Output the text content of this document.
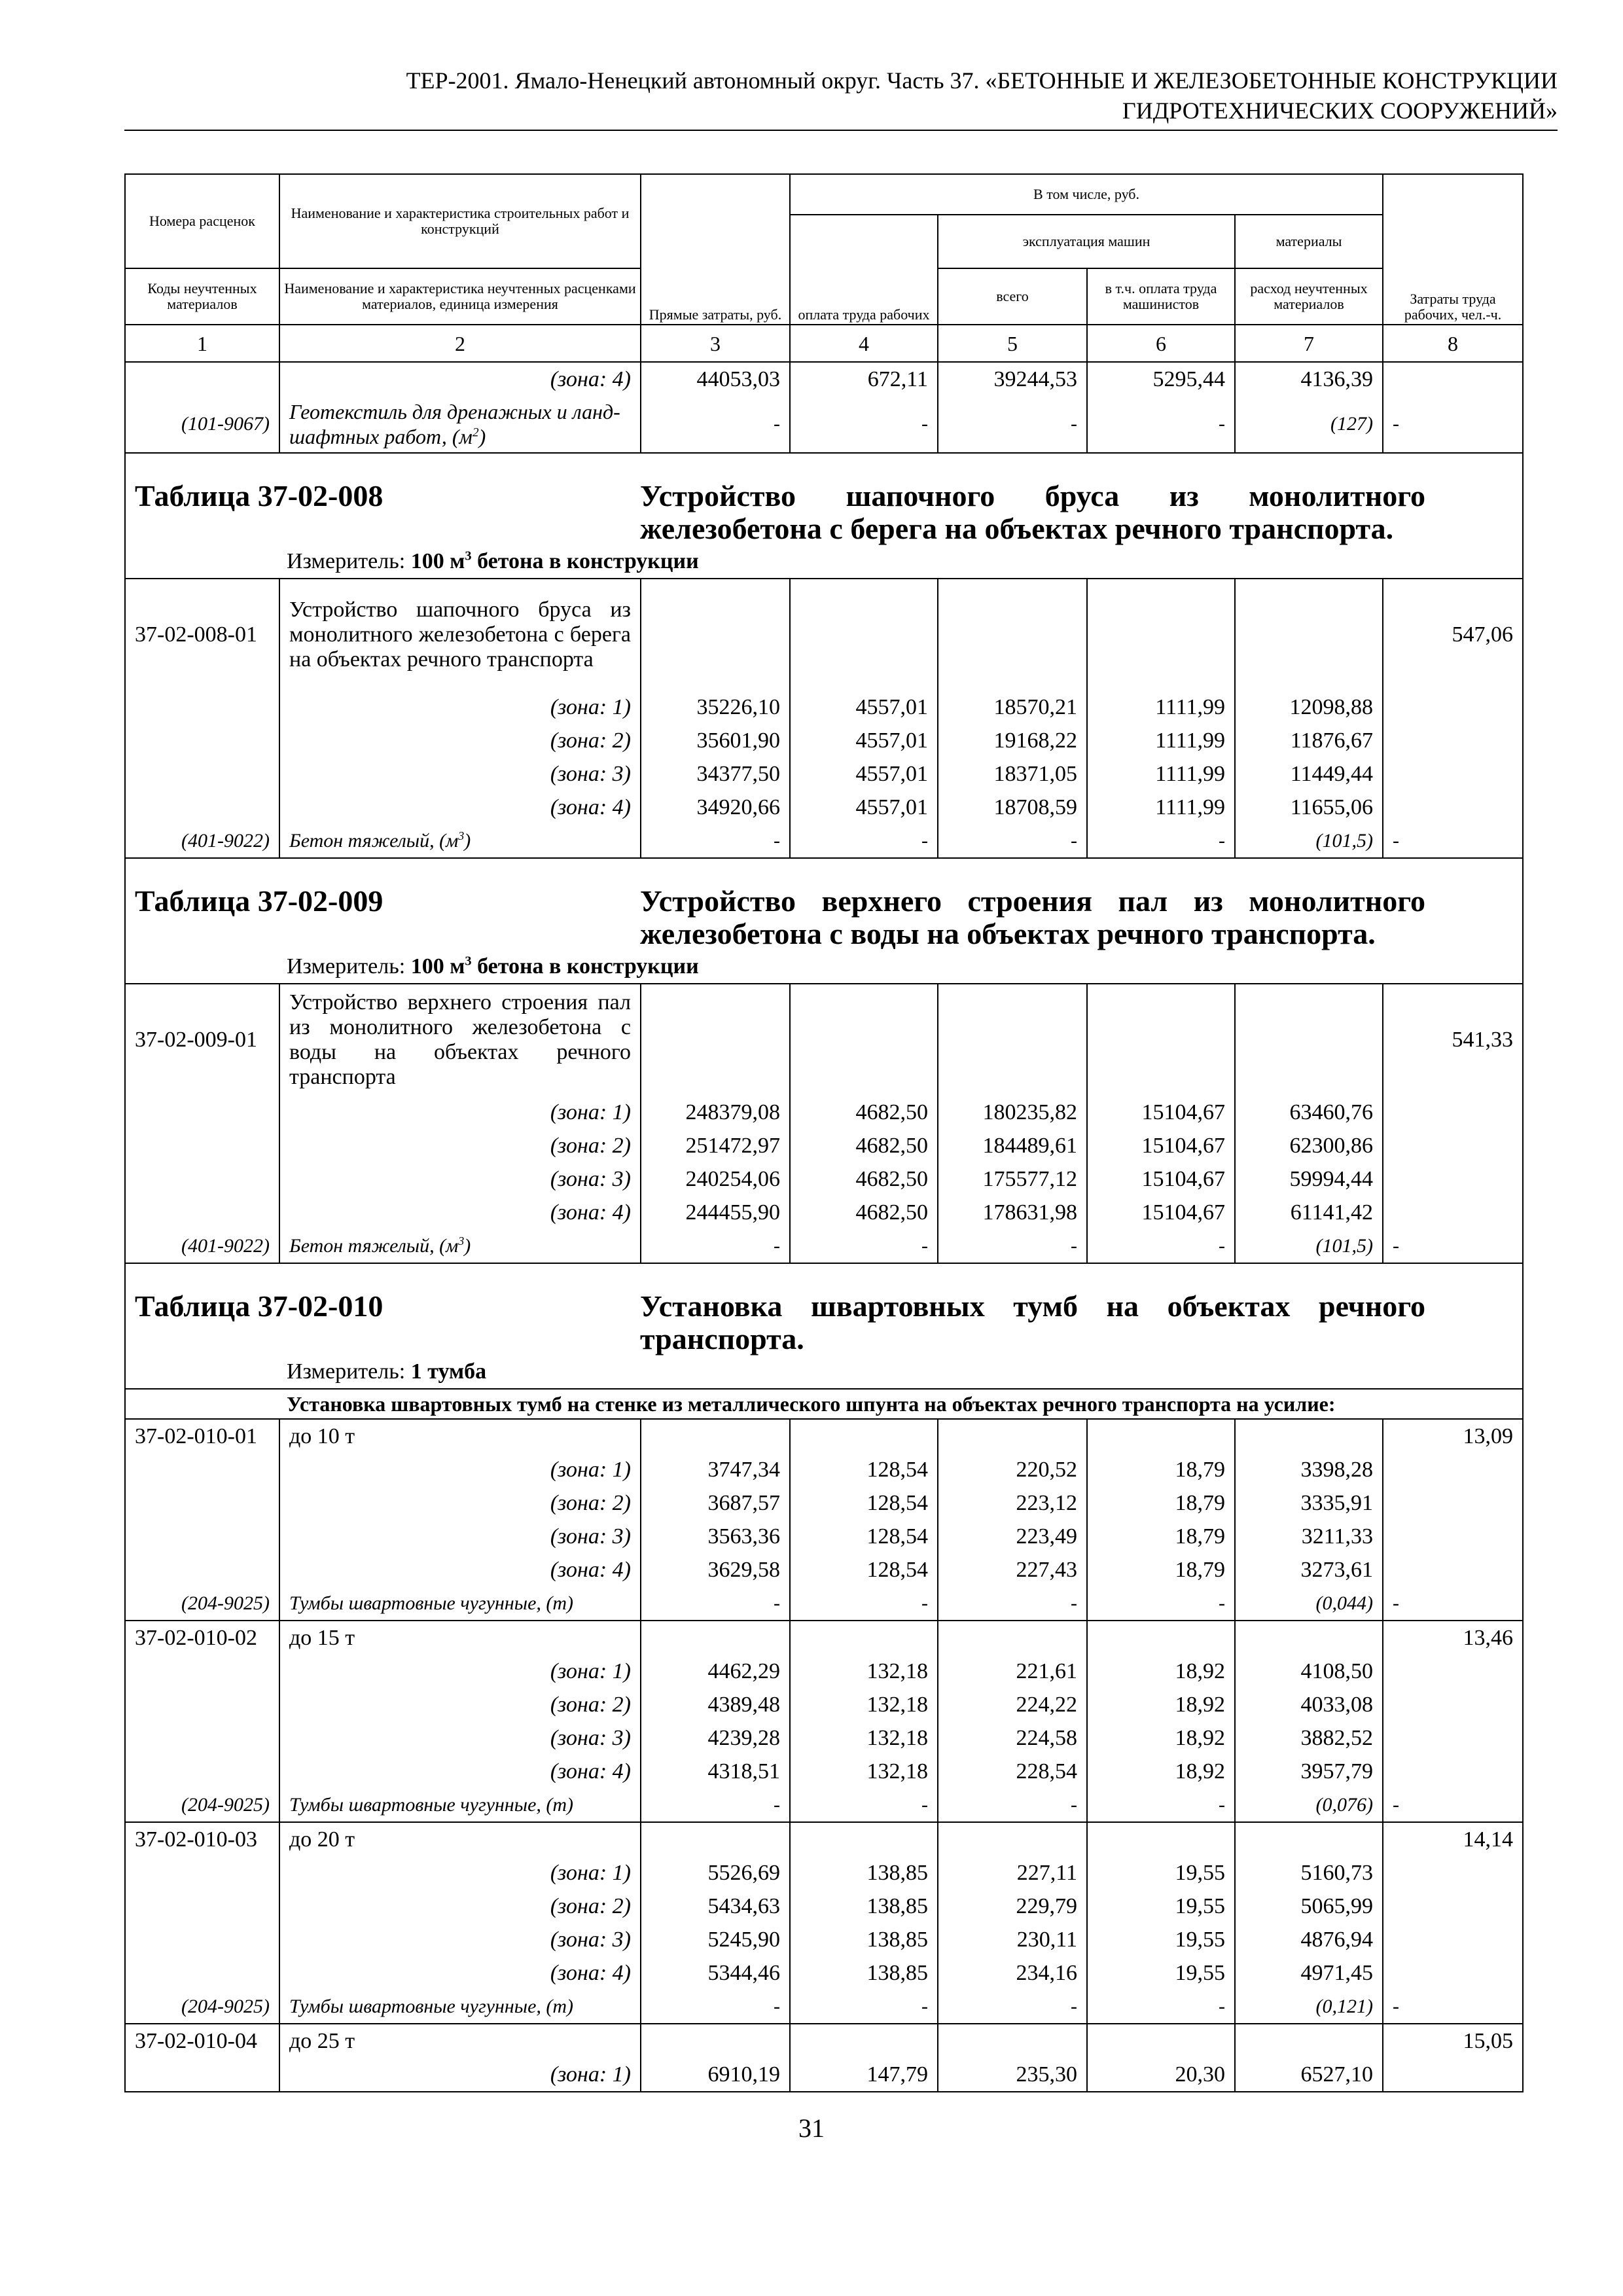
ТЕР-2001. Ямало-Ненецкий автономный округ. Часть 37. «БЕТОННЫЕ И ЖЕЛЕЗОБЕТОННЫЕ КОНСТРУКЦИИ
ГИДРОТЕХНИЧЕСКИХ СООРУЖЕНИЙ»
Номера расценок	Наименование и характеристика строительных работ и конструкций	Прямые затраты, руб.	В том числе, руб.				Затраты труда рабочих, чел.-ч.
			оплата труда рабочих	эксплуатация машин		материалы	
Коды неучтенных материалов	Наименование и характеристика неучтенных расценками материалов, единица измерения			всего	в т.ч. оплата труда машинистов	расход неучтенных материалов	
1	2	3	4	5	6	7	8
	(зона: 4)	44053,03	672,11	39244,53	5295,44	4136,39	
(101-9067)	Геотекстиль для дренажных и ланд-
шафтных работ, $(м^2)$	-	-	-	-	(127)	-

Таблица 37-02-008 Устройство шапочного бруса из монолитного железобетона с берега на объектах речного транспорта.							

Измеритель: 100 $м^3$ бетона в конструкции							

37-02-008-01	Устройство шапочного бруса из монолитного железобетона с берега на объектах речного транспорта						547,06
	(зона: 1)	35226,10	4557,01	18570,21	1111,99	12098,88	
	(зона: 2)	35601,90	4557,01	19168,22	1111,99	11876,67	
	(зона: 3)	34377,50	4557,01	18371,05	1111,99	11449,44	
	(зона: 4)	34920,66	4557,01	18708,59	1111,99	11655,06	
(401-9022)	Бетон тяжелый, $(м^3)$	-	-	-	-	(101,5)	-

Таблица 37-02-009 Устройство верхнего строения пал из монолитного железобетона с воды на объектах речного транспорта.							

Измеритель: 100 $м^3$ бетона в конструкции							

37-02-009-01	Устройство верхнего строения пал из монолитного железобетона с воды на объектах речного транспорта						541,33
	(зона: 1)	248379,08	4682,50	180235,82	15104,67	63460,76	
	(зона: 2)	251472,97	4682,50	184489,61	15104,67	62300,86	
	(зона: 3)	240254,06	4682,50	175577,12	15104,67	59994,44	
	(зона: 4)	244455,90	4682,50	178631,98	15104,67	61141,42	
(401-9022)	Бетон тяжелый, $(м^3)$	-	-	-	-	(101,5)	-

Таблица 37-02-010 Установка швартовных тумб на объектах речного транспорта.							

Измеритель: 1 тумба							

Установка швартовных тумб на стенке из металлического шпунта на объектах речного транспорта на усилие:							

37-02-010-01	до 10 т						13,09
	(зона: 1)	3747,34	128,54	220,52	18,79	3398,28	
	(зона: 2)	3687,57	128,54	223,12	18,79	3335,91	
	(зона: 3)	3563,36	128,54	223,49	18,79	3211,33	
	(зона: 4)	3629,58	128,54	227,43	18,79	3273,61	
(204-9025)	Тумбы швартовные чугунные, (т)	-	-	-	-	(0,044)	-
37-02-010-02	до 15 т						13,46
	(зона: 1)	4462,29	132,18	221,61	18,92	4108,50	
	(зона: 2)	4389,48	132,18	224,22	18,92	4033,08	
	(зона: 3)	4239,28	132,18	224,58	18,92	3882,52	
	(зона: 4)	4318,51	132,18	228,54	18,92	3957,79	
(204-9025)	Тумбы швартовные чугунные, (т)	-	-	-	-	(0,076)	-
37-02-010-03	до 20 т						14,14
	(зона: 1)	5526,69	138,85	227,11	19,55	5160,73	
	(зона: 2)	5434,63	138,85	229,79	19,55	5065,99	
	(зона: 3)	5245,90	138,85	230,11	19,55	4876,94	
	(зона: 4)	5344,46	138,85	234,16	19,55	4971,45	
(204-9025)	Тумбы швартовные чугунные, (т)	-	-	-	-	(0,121)	-
37-02-010-04	до 25 т						15,05
	(зона: 1)	6910,19	147,79	235,30	20,30	6527,10	
31
